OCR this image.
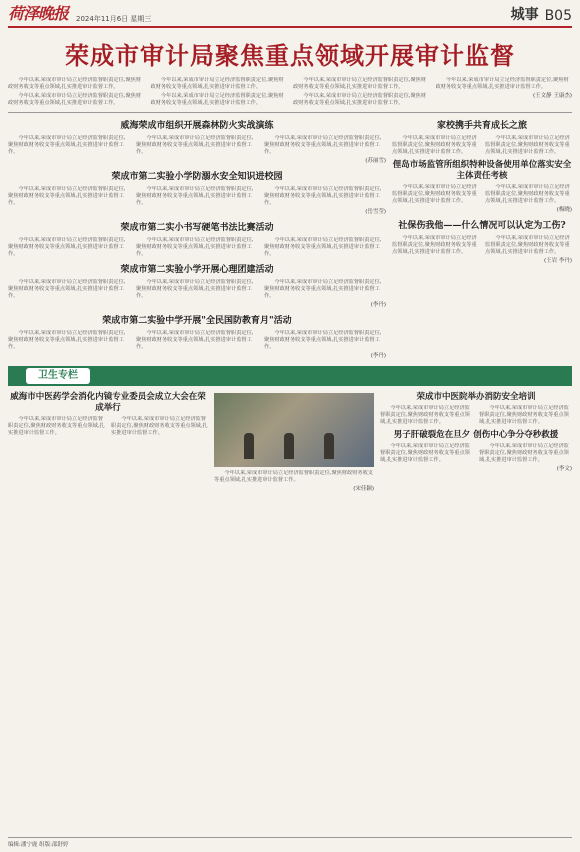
荷泽晚报 2024年11月6日 星期三	城事 B05
荣成市审计局聚焦重点领域开展审计监督

今年以来,荣成市审计局立足经济监督职责定位,聚焦财政财务收支等重点领域,扎实推进审计监督工作。

今年以来,荣成市审计局立足经济监督职责定位,聚焦财政财务收支等重点领域,扎实推进审计监督工作。

今年以来,荣成市审计局立足经济监督职责定位,聚焦财政财务收支等重点领域,扎实推进审计监督工作。

今年以来,荣成市审计局立足经济监督职责定位,聚焦财政财务收支等重点领域,扎实推进审计监督工作。

今年以来,荣成市审计局立足经济监督职责定位,聚焦财政财务收支等重点领域,扎实推进审计监督工作。

今年以来,荣成市审计局立足经济监督职责定位,聚焦财政财务收支等重点领域,扎实推进审计监督工作。

今年以来,荣成市审计局立足经济监督职责定位,聚焦财政财务收支等重点领域,扎实推进审计监督工作。

(王文静 王康杰)
威海荣成市组织开展森林防火实战演练

今年以来,荣成市审计局立足经济监督职责定位,聚焦财政财务收支等重点领域,扎实推进审计监督工作。

今年以来,荣成市审计局立足经济监督职责定位,聚焦财政财务收支等重点领域,扎实推进审计监督工作。

今年以来,荣成市审计局立足经济监督职责定位,聚焦财政财务收支等重点领域,扎实推进审计监督工作。

(苏丽雪)
荣成市第二实验小学防溺水安全知识进校园

今年以来,荣成市审计局立足经济监督职责定位,聚焦财政财务收支等重点领域,扎实推进审计监督工作。

今年以来,荣成市审计局立足经济监督职责定位,聚焦财政财务收支等重点领域,扎实推进审计监督工作。

今年以来,荣成市审计局立足经济监督职责定位,聚焦财政财务收支等重点领域,扎实推进审计监督工作。

(岳雪莹)
荣成市第二实小书写硬笔书法比赛活动

今年以来,荣成市审计局立足经济监督职责定位,聚焦财政财务收支等重点领域,扎实推进审计监督工作。

今年以来,荣成市审计局立足经济监督职责定位,聚焦财政财务收支等重点领域,扎实推进审计监督工作。

今年以来,荣成市审计局立足经济监督职责定位,聚焦财政财务收支等重点领域,扎实推进审计监督工作。

荣成市第二实验小学开展心理团建活动

今年以来,荣成市审计局立足经济监督职责定位,聚焦财政财务收支等重点领域,扎实推进审计监督工作。

今年以来,荣成市审计局立足经济监督职责定位,聚焦财政财务收支等重点领域,扎实推进审计监督工作。

今年以来,荣成市审计局立足经济监督职责定位,聚焦财政财务收支等重点领域,扎实推进审计监督工作。

(李丹)
荣成市第二实验中学开展"全民国防教育月"活动

今年以来,荣成市审计局立足经济监督职责定位,聚焦财政财务收支等重点领域,扎实推进审计监督工作。

今年以来,荣成市审计局立足经济监督职责定位,聚焦财政财务收支等重点领域,扎实推进审计监督工作。

今年以来,荣成市审计局立足经济监督职责定位,聚焦财政财务收支等重点领域,扎实推进审计监督工作。

(李丹)
家校携手共育成长之旅

今年以来,荣成市审计局立足经济监督职责定位,聚焦财政财务收支等重点领域,扎实推进审计监督工作。

今年以来,荣成市审计局立足经济监督职责定位,聚焦财政财务收支等重点领域,扎实推进审计监督工作。

俚岛市场监管所组织特种设备使用单位落实安全主体责任考核

今年以来,荣成市审计局立足经济监督职责定位,聚焦财政财务收支等重点领域,扎实推进审计监督工作。

今年以来,荣成市审计局立足经济监督职责定位,聚焦财政财务收支等重点领域,扎实推进审计监督工作。

(梅晓)
社保伤我他——什么情况可以认定为工伤?

今年以来,荣成市审计局立足经济监督职责定位,聚焦财政财务收支等重点领域,扎实推进审计监督工作。

今年以来,荣成市审计局立足经济监督职责定位,聚焦财政财务收支等重点领域,扎实推进审计监督工作。

(王岩 李丹)
卫生专栏
威海市中医药学会消化内镜专业委员会成立大会在荣成举行

今年以来,荣成市审计局立足经济监督职责定位,聚焦财政财务收支等重点领域,扎实推进审计监督工作。

今年以来,荣成市审计局立足经济监督职责定位,聚焦财政财务收支等重点领域,扎实推进审计监督工作。

今年以来,荣成市审计局立足经济监督职责定位,聚焦财政财务收支等重点领域,扎实推进审计监督工作。

(宋佳颖)
荣成市中医院举办消防安全培训

今年以来,荣成市审计局立足经济监督职责定位,聚焦财政财务收支等重点领域,扎实推进审计监督工作。

今年以来,荣成市审计局立足经济监督职责定位,聚焦财政财务收支等重点领域,扎实推进审计监督工作。

男子肝破裂危在旦夕 创伤中心争分夺秒救援

今年以来,荣成市审计局立足经济监督职责定位,聚焦财政财务收支等重点领域,扎实推进审计监督工作。

今年以来,荣成市审计局立足经济监督职责定位,聚焦财政财务收支等重点领域,扎实推进审计监督工作。

(李文)
编辑:潘宁鹿 组版:邵舒婷
